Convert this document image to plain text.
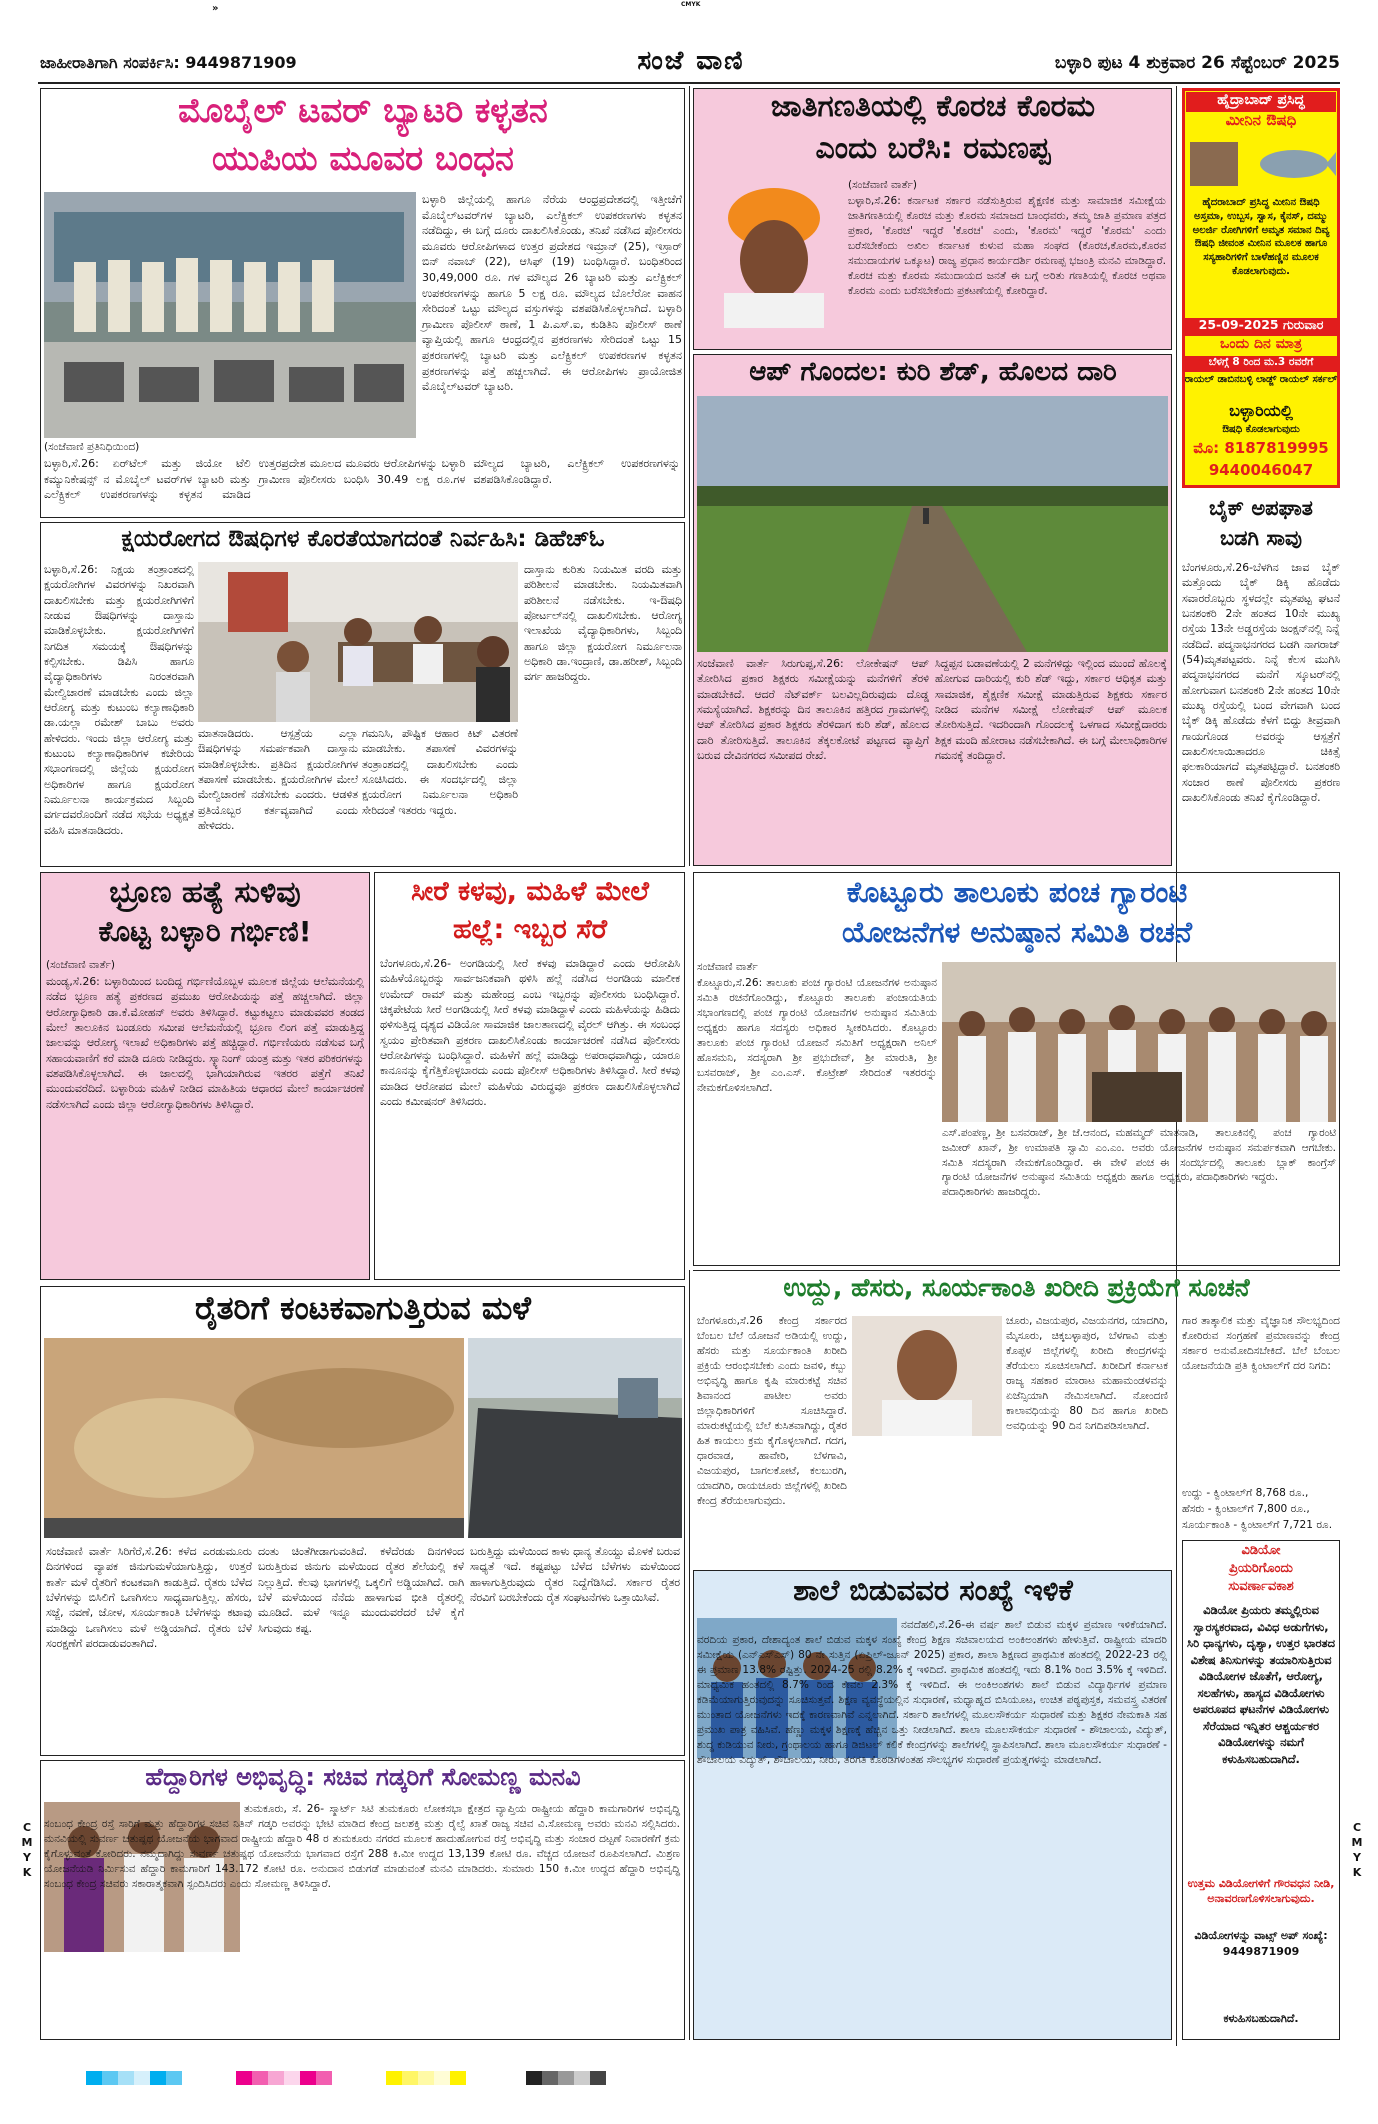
»	CMYK
ಜಾಹೀರಾತಿಗಾಗಿ ಸಂಪರ್ಕಿಸಿ: 9449871909	ಸಂಜೆ ವಾಣಿ	ಬಳ್ಳಾರಿ ಪುಟ 4 ಶುಕ್ರವಾರ 26 ಸೆಪ್ಟೆಂಬರ್ 2025
ಮೊಬೈಲ್ ಟವರ್ ಬ್ಯಾಟರಿ ಕಳ್ಳತನ
ಯುಪಿಯ ಮೂವರ ಬಂಧನ
(ಸಂಜೆವಾಣಿ ಪ್ರತಿನಿಧಿಯಿಂದ)
ಬಳ್ಳಾರಿ,ಸೆ.26: ಏರ್‌ಟೆಲ್ ಮತ್ತು ಜಿಯೋ ಟೆಲಿ ಕಮ್ಯುನಿಕೇಷನ್ಸ್ ನ ಮೊಬೈಲ್ ಟವರ್‌ಗಳ ಬ್ಯಾಟರಿ ಮತ್ತು ಎಲೆಕ್ಟ್ರಿಕಲ್ ಉಪಕರಣಗಳನ್ನು ಕಳ್ಳತನ ಮಾಡಿದ ಉತ್ತರಪ್ರದೇಶ ಮೂಲದ ಮೂವರು ಆರೋಪಿಗಳನ್ನು ಬಳ್ಳಾರಿ ಗ್ರಾಮೀಣ ಪೊಲೀಸರು ಬಂಧಿಸಿ 30.49 ಲಕ್ಷ ರೂ.ಗಳ ಮೌಲ್ಯದ ಬ್ಯಾಟರಿ, ಎಲೆಕ್ಟ್ರಿಕಲ್ ಉಪಕರಣಗಳನ್ನು ವಶಪಡಿಸಿಕೊಂಡಿದ್ದಾರೆ.
ಬಳ್ಳಾರಿ ಜಿಲ್ಲೆಯಲ್ಲಿ ಹಾಗೂ ನೆರೆಯ ಆಂಧ್ರಪ್ರದೇಶದಲ್ಲಿ ಇತ್ತೀಚೆಗೆ ಮೊಬೈಲ್‌ಟವರ್‌ಗಳ ಬ್ಯಾಟರಿ, ಎಲೆಕ್ಟ್ರಿಕಲ್ ಉಪಕರಣಗಳು ಕಳ್ಳತನ ನಡೆದಿದ್ದು, ಈ ಬಗ್ಗೆ ದೂರು ದಾಖಲಿಸಿಕೊಂಡು, ತನಿಖೆ ನಡೆಸಿದ ಪೊಲೀಸರು ಮೂವರು ಆರೋಪಿಗಳಾದ ಉತ್ತರ ಪ್ರದೇಶದ ಇಮ್ರಾನ್ (25), ಇಸ್ರಾರ್ ಬಿನ್ ನವಾಬ್ (22), ಆಸಿಫ್ (19) ಬಂಧಿಸಿದ್ದಾರೆ. ಬಂಧಿತರಿಂದ 30,49,000 ರೂ. ಗಳ ಮೌಲ್ಯದ 26 ಬ್ಯಾಟರಿ ಮತ್ತು ಎಲೆಕ್ಟ್ರಿಕಲ್ ಉಪಕರಣಗಳನ್ನು ಹಾಗೂ 5 ಲಕ್ಷ ರೂ. ಮೌಲ್ಯದ ಬೊಲೆರೋ ವಾಹನ ಸೇರಿದಂತೆ ಒಟ್ಟು ಮೌಲ್ಯದ ವಸ್ತುಗಳನ್ನು ವಶಪಡಿಸಿಕೊಳ್ಳಲಾಗಿದೆ. ಬಳ್ಳಾರಿ ಗ್ರಾಮೀಣ ಪೊಲೀಸ್ ಠಾಣೆ, 1 ಪಿ.ಎಸ್.ಐ, ಕುಡಿತಿನಿ ಪೊಲೀಸ್ ಠಾಣೆ ವ್ಯಾಪ್ತಿಯಲ್ಲಿ ಹಾಗೂ ಆಂಧ್ರದಲ್ಲಿನ ಪ್ರಕರಣಗಳು ಸೇರಿದಂತೆ ಒಟ್ಟು 15 ಪ್ರಕರಣಗಳಲ್ಲಿ ಬ್ಯಾಟರಿ ಮತ್ತು ಎಲೆಕ್ಟ್ರಿಕಲ್ ಉಪಕರಣಗಳ ಕಳ್ಳತನ ಪ್ರಕರಣಗಳನ್ನು ಪತ್ತೆ ಹಚ್ಚಲಾಗಿದೆ. ಈ ಆರೋಪಿಗಳು ಪ್ರಾಯೋಜಿತ ಮೊಬೈಲ್‌ಟವರ್ ಬ್ಯಾಟರಿ.
ಕ್ಷಯರೋಗದ ಔಷಧಿಗಳ ಕೊರತೆಯಾಗದಂತೆ ನಿರ್ವಹಿಸಿ: ಡಿಹೆಚ್‌ಓ
ಬಳ್ಳಾರಿ,ಸೆ.26: ನಿಕ್ಷಯ ತಂತ್ರಾಂಶದಲ್ಲಿ ಕ್ಷಯರೋಗಿಗಳ ವಿವರಗಳನ್ನು ನಿಖರವಾಗಿ ದಾಖಲಿಸಬೇಕು ಮತ್ತು ಕ್ಷಯರೋಗಿಗಳಿಗೆ ನೀಡುವ ಔಷಧಿಗಳನ್ನು ದಾಸ್ತಾನು ಮಾಡಿಕೊಳ್ಳಬೇಕು. ಕ್ಷಯರೋಗಿಗಳಿಗೆ ನಿಗದಿತ ಸಮಯಕ್ಕೆ ಔಷಧಿಗಳನ್ನು ಕಲ್ಪಿಸಬೇಕು. ಡಿಪಿಸಿ ಹಾಗೂ ವೈದ್ಯಾಧಿಕಾರಿಗಳು ನಿರಂತರವಾಗಿ ಮೇಲ್ವಿಚಾರಣೆ ಮಾಡಬೇಕು ಎಂದು ಜಿಲ್ಲಾ ಆರೋಗ್ಯ ಮತ್ತು ಕುಟುಂಬ ಕಲ್ಯಾಣಾಧಿಕಾರಿ ಡಾ.ಯಲ್ಲಾ ರಮೇಶ್ ಬಾಬು ಅವರು ಹೇಳಿದರು. ಇಂದು ಜಿಲ್ಲಾ ಆರೋಗ್ಯ ಮತ್ತು ಕುಟುಂಬ ಕಲ್ಯಾಣಾಧಿಕಾರಿಗಳ ಕಚೇರಿಯ ಸಭಾಂಗಣದಲ್ಲಿ ಜಿಲ್ಲೆಯ ಕ್ಷಯರೋಗ ಅಧಿಕಾರಿಗಳ ಹಾಗೂ ಕ್ಷಯರೋಗ ನಿರ್ಮೂಲನಾ ಕಾರ್ಯಕ್ರಮದ ಸಿಬ್ಬಂದಿ ವರ್ಗದವರೊಂದಿಗೆ ನಡೆದ ಸಭೆಯ ಅಧ್ಯಕ್ಷತೆ ವಹಿಸಿ ಮಾತನಾಡಿದರು.
ಮಾತನಾಡಿದರು. ಆಸ್ಪತ್ರೆಯ ಎಲ್ಲಾ ಔಷಧಿಗಳನ್ನು ಸಮರ್ಪಕವಾಗಿ ದಾಸ್ತಾನು ಮಾಡಿಕೊಳ್ಳಬೇಕು. ಪ್ರತಿದಿನ ಕ್ಷಯರೋಗಿಗಳ ತಪಾಸಣೆ ಮಾಡಬೇಕು. ಕ್ಷಯರೋಗಿಗಳ ಮೇಲೆ ಮೇಲ್ವಿಚಾರಣೆ ನಡೆಸಬೇಕು ಎಂದರು. ಆಡಳಿತ ಪ್ರತಿಯೊಬ್ಬರ ಕರ್ತವ್ಯವಾಗಿದೆ ಎಂದು ಹೇಳಿದರು.
ಗಮನಿಸಿ, ಪೌಷ್ಟಿಕ ಆಹಾರ ಕಿಟ್ ವಿತರಣೆ ಮಾಡಬೇಕು. ತಪಾಸಣೆ ವಿವರಗಳನ್ನು ತಂತ್ರಾಂಶದಲ್ಲಿ ದಾಖಲಿಸಬೇಕು ಎಂದು ಸೂಚಿಸಿದರು. ಈ ಸಂದರ್ಭದಲ್ಲಿ ಜಿಲ್ಲಾ ಕ್ಷಯರೋಗ ನಿರ್ಮೂಲನಾ ಅಧಿಕಾರಿ ಸೇರಿದಂತೆ ಇತರರು ಇದ್ದರು.
ದಾಸ್ತಾನು ಕುರಿತು ನಿಯಮಿತ ವರದಿ ಮತ್ತು ಪರಿಶೀಲನೆ ಮಾಡಬೇಕು. ನಿಯಮಿತವಾಗಿ ಪರಿಶೀಲನೆ ನಡೆಸಬೇಕು. ಇ-ಔಷಧಿ ಪೋರ್ಟಲ್‌ನಲ್ಲಿ ದಾಖಲಿಸಬೇಕು. ಆರೋಗ್ಯ ಇಲಾಖೆಯ ವೈದ್ಯಾಧಿಕಾರಿಗಳು, ಸಿಬ್ಬಂದಿ ಹಾಗೂ ಜಿಲ್ಲಾ ಕ್ಷಯರೋಗ ನಿರ್ಮೂಲನಾ ಅಧಿಕಾರಿ ಡಾ.ಇಂದ್ರಾಣಿ, ಡಾ.ಹರೀಶ್, ಸಿಬ್ಬಂದಿ ವರ್ಗ ಹಾಜರಿದ್ದರು.
ಜಾತಿಗಣತಿಯಲ್ಲಿ ಕೊರಚ ಕೊರಮ
ಎಂದು ಬರೆಸಿ: ರಮಣಪ್ಪ
(ಸಂಜೆವಾಣಿ ವಾರ್ತೆ)
ಬಳ್ಳಾರಿ,ಸೆ.26: ಕರ್ನಾಟಕ ಸರ್ಕಾರ ನಡೆಸುತ್ತಿರುವ ಶೈಕ್ಷಣಿಕ ಮತ್ತು ಸಾಮಾಜಿಕ ಸಮೀಕ್ಷೆಯ ಜಾತಿಗಣತಿಯಲ್ಲಿ ಕೊರಚ ಮತ್ತು ಕೊರಮ ಸಮಾಜದ ಬಾಂಧವರು, ತಮ್ಮ ಜಾತಿ ಪ್ರಮಾಣ ಪತ್ರದ ಪ್ರಕಾರ, 'ಕೊರಚ' ಇದ್ದರೆ 'ಕೊರಚ' ಎಂದು, 'ಕೊರಮ' ಇದ್ದರೆ 'ಕೊರಮ' ಎಂದು ಬರೆಸಬೇಕೆಂದು ಅಖಿಲ ಕರ್ನಾಟಕ ಕುಳುವ ಮಹಾ ಸಂಘದ (ಕೊರಚ,ಕೊರಮ,ಕೊರವ ಸಮುದಾಯಗಳ ಒಕ್ಕೂಟ) ರಾಜ್ಯ ಪ್ರಧಾನ ಕಾರ್ಯದರ್ಶಿ ರಮಣಪ್ಪ ಭಜಂತ್ರಿ ಮನವಿ ಮಾಡಿದ್ದಾರೆ. ಕೊರಚ ಮತ್ತು ಕೊರಮ ಸಮುದಾಯದ ಜನತೆ ಈ ಬಗ್ಗೆ ಅರಿತು ಗಣತಿಯಲ್ಲಿ ಕೊರಚ ಅಥವಾ ಕೊರಮ ಎಂದು ಬರೆಸಬೇಕೆಂದು ಪ್ರಕಟಣೆಯಲ್ಲಿ ಕೋರಿದ್ದಾರೆ.
ಆಪ್ ಗೊಂದಲ: ಕುರಿ ಶೆಡ್, ಹೊಲದ ದಾರಿ
ಸಂಜೆವಾಣಿ ವಾರ್ತೆ ಸಿರುಗುಪ್ಪ,ಸೆ.26: ಲೋಕೇಷನ್ ಆಪ್ ತೋರಿಸಿದ ಪ್ರಕಾರ ಶಿಕ್ಷಕರು ಸಮೀಕ್ಷೆಯನ್ನು ಮನೆಗಳಿಗೆ ತೆರಳಿ ಮಾಡಬೇಕಿದೆ. ಆದರೆ ನೆಟ್‌ವರ್ಕ್ ಬಲವಿಲ್ಲದಿರುವುದು ದೊಡ್ಡ ಸಮಸ್ಯೆಯಾಗಿದೆ. ಶಿಕ್ಷಕರನ್ನು ದಿನ ತಾಲೂಕಿನ ಹತ್ತಿರದ ಗ್ರಾಮಗಳಲ್ಲಿ ಆಪ್ ತೋರಿಸಿದ ಪ್ರಕಾರ ಶಿಕ್ಷಕರು ತೆರಳಿದಾಗ ಕುರಿ ಶೆಡ್, ಹೊಲದ ದಾರಿ ತೋರಿಸುತ್ತಿದೆ. ತಾಲೂಕಿನ ತೆಕ್ಕಲಕೋಟೆ ಪಟ್ಟಣದ ವ್ಯಾಪ್ತಿಗೆ ಬರುವ ದೇವಿನಗರದ ಸಮೀಪದ ರೇಖೆ.
ಸಿದ್ದಪ್ಪನ ಬಡಾವಣೆಯಲ್ಲಿ 2 ಮನೆಗಳಿದ್ದು ಇಲ್ಲಿಂದ ಮುಂದೆ ಹೊಲಕ್ಕೆ ಹೋಗುವ ದಾರಿಯಲ್ಲಿ ಕುರಿ ಶೆಡ್ ಇದ್ದು, ಸರ್ಕಾರ ಆಧಿಕೃತ ಮತ್ತು ಸಾಮಾಜಿಕ, ಶೈಕ್ಷಣಿಕ ಸಮೀಕ್ಷೆ ಮಾಡುತ್ತಿರುವ ಶಿಕ್ಷಕರು ಸರ್ಕಾರ ನೀಡಿದ ಮನೆಗಳ ಸಮೀಕ್ಷೆ ಲೋಕೇಷನ್ ಆಪ್ ಮೂಲಕ ತೋರಿಸುತ್ತಿದೆ. ಇದರಿಂದಾಗಿ ಗೊಂದಲಕ್ಕೆ ಒಳಗಾದ ಸಮೀಕ್ಷೆದಾರರು ಶಿಕ್ಷಕ ಮಂದಿ ಹೋರಾಟ ನಡೆಸಬೇಕಾಗಿದೆ. ಈ ಬಗ್ಗೆ ಮೇಲಾಧಿಕಾರಿಗಳ ಗಮನಕ್ಕೆ ತಂದಿದ್ದಾರೆ.
ಹೈದ್ರಾಬಾದ್ ಪ್ರಸಿದ್ಧ
ಮೀನಿನ ಔಷಧಿ
ಹೈದರಾಬಾದ್ ಪ್ರಸಿದ್ಧ ಮೀನಿನ ಔಷಧಿ ಅಸ್ತಮಾ, ಉಬ್ಬಸ, ಸ್ವಾಸ, ಕೈನಸ್, ದಮ್ಮು ಅಲರ್ಜಿ ರೋಗಿಗಳಿಗೆ ಅಮೃತ ಸಮಾನ ದಿವ್ಯ ಔಷಧಿ ಜೀವಂತ ಮೀನಿನ ಮೂಲಕ ಹಾಗೂ ಸಸ್ಯಹಾರಿಗಳಿಗೆ ಬಾಳೆಹಣ್ಣಿನ ಮೂಲಕ ಕೊಡಲಾಗುವುದು.
25-09-2025 ಗುರುವಾರ
ಒಂದು ದಿನ ಮಾತ್ರ
ಬೆಳಗ್ಗೆ 8 ರಿಂದ ಮ.3 ರವರೆಗೆ
ರಾಯಲ್ ಡಾಬಿನಬಳ್ಳಿ ಲಾಡ್ಜ್ ರಾಯಲ್ ಸರ್ಕಲ್
ಬಳ್ಳಾರಿಯಲ್ಲಿ
ಔಷಧಿ ಕೊಡಲಾಗುವುದು
ಮೊ: 8187819995
9440046047
ಬೈಕ್ ಅಪಘಾತ
ಬಡಗಿ ಸಾವು
ಬೆಂಗಳೂರು,ಸೆ.26-ಬೆಳಗಿನ ಜಾವ ಬೈಕ್ ಮತ್ತೊಂದು ಬೈಕ್ ಡಿಕ್ಕಿ ಹೊಡೆದು ಸವಾರರೊಬ್ಬರು ಸ್ಥಳದಲ್ಲೇ ಮೃತಪಟ್ಟ ಘಟನೆ ಬನಶಂಕರಿ 2ನೇ ಹಂತದ 10ನೇ ಮುಖ್ಯ ರಸ್ತೆಯ 13ನೇ ಅಡ್ಡರಸ್ತೆಯ ಜಂಕ್ಷನ್‌ನಲ್ಲಿ ನಿನ್ನೆ ನಡೆದಿದೆ. ಪದ್ಮನಾಭನಗರದ ಬಡಗಿ ನಾಗರಾಜ್ (54)ಮೃತಪಟ್ಟವರು. ನಿನ್ನೆ ಕೆಲಸ ಮುಗಿಸಿ ಪದ್ಮನಾಭನಗರದ ಮನೆಗೆ ಸ್ಕೂಟರ್‌ನಲ್ಲಿ ಹೋಗುವಾಗ ಬನಶಂಕರಿ 2ನೇ ಹಂತದ 10ನೇ ಮುಖ್ಯ ರಸ್ತೆಯಲ್ಲಿ ಬಂದ ವೇಗವಾಗಿ ಬಂದ ಬೈಕ್ ಡಿಕ್ಕಿ ಹೊಡೆದು ಕೆಳಗೆ ಬಿದ್ದು ತೀವ್ರವಾಗಿ ಗಾಯಗೊಂಡ ಅವರನ್ನು ಆಸ್ಪತ್ರೆಗೆ ದಾಖಲಿಸಲಾಯಿತಾದರೂ ಚಿಕಿತ್ಸೆ ಫಲಕಾರಿಯಾಗದೆ ಮೃತಪಟ್ಟಿದ್ದಾರೆ. ಬನಶಂಕರಿ ಸಂಚಾರ ಠಾಣೆ ಪೊಲೀಸರು ಪ್ರಕರಣ ದಾಖಲಿಸಿಕೊಂಡು ತನಿಖೆ ಕೈಗೊಂಡಿದ್ದಾರೆ.
ಭ್ರೂಣ ಹತ್ಯೆ ಸುಳಿವು
ಕೊಟ್ಟ ಬಳ್ಳಾರಿ ಗರ್ಭಿಣಿ!
(ಸಂಜೆವಾಣಿ ವಾರ್ತೆ)
ಮಂಡ್ಯ,ಸೆ.26: ಬಳ್ಳಾರಿಯಿಂದ ಬಂದಿದ್ದ ಗರ್ಭಿಣಿಯೊಬ್ಬಳ ಮೂಲಕ ಜಿಲ್ಲೆಯ ಆಲೆಮನೆಯಲ್ಲಿ ನಡೆದ ಭ್ರೂಣ ಹತ್ಯೆ ಪ್ರಕರಣದ ಪ್ರಮುಖ ಆರೋಪಿಯನ್ನು ಪತ್ತೆ ಹಚ್ಚಲಾಗಿದೆ. ಜಿಲ್ಲಾ ಆರೋಗ್ಯಾಧಿಕಾರಿ ಡಾ.ಕೆ.ಮೋಹನ್ ಅವರು ತಿಳಿಸಿದ್ದಾರೆ. ಕಟ್ಟುಕಟ್ಟಲು ಮಾಡುವವರ ತಂಡದ ಮೇಲೆ ತಾಲೂಕಿನ ಬಂಡೂರು ಸಮೀಪ ಆಲೆಮನೆಯಲ್ಲಿ ಭ್ರೂಣ ಲಿಂಗ ಪತ್ತೆ ಮಾಡುತ್ತಿದ್ದ ಜಾಲವನ್ನು ಆರೋಗ್ಯ ಇಲಾಖೆ ಅಧಿಕಾರಿಗಳು ಪತ್ತೆ ಹಚ್ಚಿದ್ದಾರೆ. ಗರ್ಭಿಣಿಯರು ನಡೆಸುವ ಬಗ್ಗೆ ಸಹಾಯವಾಣಿಗೆ ಕರೆ ಮಾಡಿ ದೂರು ನೀಡಿದ್ದರು. ಸ್ಕ್ಯಾನಿಂಗ್ ಯಂತ್ರ ಮತ್ತು ಇತರ ಪರಿಕರಗಳನ್ನು ವಶಪಡಿಸಿಕೊಳ್ಳಲಾಗಿದೆ. ಈ ಜಾಲದಲ್ಲಿ ಭಾಗಿಯಾಗಿರುವ ಇತರರ ಪತ್ತೆಗೆ ತನಿಖೆ ಮುಂದುವರೆದಿದೆ. ಬಳ್ಳಾರಿಯ ಮಹಿಳೆ ನೀಡಿದ ಮಾಹಿತಿಯ ಆಧಾರದ ಮೇಲೆ ಕಾರ್ಯಾಚರಣೆ ನಡೆಸಲಾಗಿದೆ ಎಂದು ಜಿಲ್ಲಾ ಆರೋಗ್ಯಾಧಿಕಾರಿಗಳು ತಿಳಿಸಿದ್ದಾರೆ.
ಸೀರೆ ಕಳವು, ಮಹಿಳೆ ಮೇಲೆ
ಹಲ್ಲೆ: ಇಬ್ಬರ ಸೆರೆ
ಬೆಂಗಳೂರು,ಸೆ.26- ಅಂಗಡಿಯಲ್ಲಿ ಸೀರೆ ಕಳವು ಮಾಡಿದ್ದಾರೆ ಎಂದು ಆರೋಪಿಸಿ ಮಹಿಳೆಯೊಬ್ಬರನ್ನು ಸಾರ್ವಜನಿಕವಾಗಿ ಥಳಿಸಿ ಹಲ್ಲೆ ನಡೆಸಿದ ಅಂಗಡಿಯ ಮಾಲೀಕ ಉಮೇದ್ ರಾಮ್ ಮತ್ತು ಮಹೇಂದ್ರ ಎಂಬ ಇಬ್ಬರನ್ನು ಪೊಲೀಸರು ಬಂಧಿಸಿದ್ದಾರೆ. ಚಿಕ್ಕಪೇಟೆಯ ಸೀರೆ ಅಂಗಡಿಯಲ್ಲಿ ಸೀರೆ ಕಳವು ಮಾಡಿದ್ದಾಳೆ ಎಂದು ಮಹಿಳೆಯನ್ನು ಹಿಡಿದು ಥಳಿಸುತ್ತಿದ್ದ ದೃಶ್ಯದ ವಿಡಿಯೋ ಸಾಮಾಜಿಕ ಜಾಲತಾಣದಲ್ಲಿ ವೈರಲ್ ಆಗಿತ್ತು. ಈ ಸಂಬಂಧ ಸ್ವಯಂ ಪ್ರೇರಿತವಾಗಿ ಪ್ರಕರಣ ದಾಖಲಿಸಿಕೊಂಡು ಕಾರ್ಯಾಚರಣೆ ನಡೆಸಿದ ಪೊಲೀಸರು ಆರೋಪಿಗಳನ್ನು ಬಂಧಿಸಿದ್ದಾರೆ. ಮಹಿಳೆಗೆ ಹಲ್ಲೆ ಮಾಡಿದ್ದು ಅಪರಾಧವಾಗಿದ್ದು, ಯಾರೂ ಕಾನೂನನ್ನು ಕೈಗೆತ್ತಿಕೊಳ್ಳಬಾರದು ಎಂದು ಪೊಲೀಸ್ ಅಧಿಕಾರಿಗಳು ತಿಳಿಸಿದ್ದಾರೆ. ಸೀರೆ ಕಳವು ಮಾಡಿದ ಆರೋಪದ ಮೇಲೆ ಮಹಿಳೆಯ ವಿರುದ್ಧವೂ ಪ್ರಕರಣ ದಾಖಲಿಸಿಕೊಳ್ಳಲಾಗಿದೆ ಎಂದು ಕಮೀಷನರ್ ತಿಳಿಸಿದರು.
ಕೊಟ್ಟೂರು ತಾಲೂಕು ಪಂಚ ಗ್ಯಾರಂಟಿ
ಯೋಜನೆಗಳ ಅನುಷ್ಠಾನ ಸಮಿತಿ ರಚನೆ
ಸಂಜೆವಾಣಿ ವಾರ್ತೆ
ಕೊಟ್ಟೂರು,ಸೆ.26: ತಾಲೂಕು ಪಂಚ ಗ್ಯಾರಂಟಿ ಯೋಜನೆಗಳ ಅನುಷ್ಠಾನ ಸಮಿತಿ ರಚನೆಗೊಂಡಿದ್ದು, ಕೊಟ್ಟೂರು ತಾಲೂಕು ಪಂಚಾಯತಿಯ ಸಭಾಂಗಣದಲ್ಲಿ ಪಂಚ ಗ್ಯಾರಂಟಿ ಯೋಜನೆಗಳ ಅನುಷ್ಠಾನ ಸಮಿತಿಯ ಅಧ್ಯಕ್ಷರು ಹಾಗೂ ಸದಸ್ಯರು ಅಧಿಕಾರ ಸ್ವೀಕರಿಸಿದರು. ಕೊಟ್ಟೂರು ತಾಲೂಕು ಪಂಚ ಗ್ಯಾರಂಟಿ ಯೋಜನೆ ಸಮಿತಿಗೆ ಅಧ್ಯಕ್ಷರಾಗಿ ಅನಿಲ್ ಹೊಸಮನಿ, ಸದಸ್ಯರಾಗಿ ಶ್ರೀ ಪ್ರಭುದೇವ್, ಶ್ರೀ ಮಾರುತಿ, ಶ್ರೀ ಬಸವರಾಜ್, ಶ್ರೀ ಎಂ.ಎಸ್. ಕೊಟ್ರೇಶ್ ಸೇರಿದಂತೆ ಇತರರನ್ನು ನೇಮಕಗೊಳಿಸಲಾಗಿದೆ.
ಎಸ್.ಪಂಪಣ್ಣ, ಶ್ರೀ ಬಸವರಾಜ್, ಶ್ರೀ ಜೆ.ಆನಂದ, ಮಹಮ್ಮದ್ ಜಮೀರ್ ಖಾನ್, ಶ್ರೀ ಉಮಾಪತಿ ಸ್ವಾಮಿ ಎಂ.ಎಂ. ಅವರು ಸಮಿತಿ ಸದಸ್ಯರಾಗಿ ನೇಮಕಗೊಂಡಿದ್ದಾರೆ. ಈ ವೇಳೆ ಪಂಚ ಗ್ಯಾರಂಟಿ ಯೋಜನೆಗಳ ಅನುಷ್ಠಾನ ಸಮಿತಿಯ ಅಧ್ಯಕ್ಷರು ಹಾಗೂ ಪದಾಧಿಕಾರಿಗಳು ಹಾಜರಿದ್ದರು.
ಮಾತನಾಡಿ, ತಾಲೂಕಿನಲ್ಲಿ ಪಂಚ ಗ್ಯಾರಂಟಿ ಯೋಜನೆಗಳ ಅನುಷ್ಠಾನ ಸಮರ್ಪಕವಾಗಿ ಆಗಬೇಕು. ಈ ಸಂದರ್ಭದಲ್ಲಿ ತಾಲೂಕು ಬ್ಲಾಕ್ ಕಾಂಗ್ರೆಸ್ ಅಧ್ಯಕ್ಷರು, ಪದಾಧಿಕಾರಿಗಳು ಇದ್ದರು.
ರೈತರಿಗೆ ಕಂಟಕವಾಗುತ್ತಿರುವ ಮಳೆ
ಸಂಜೆವಾಣಿ ವಾರ್ತೆ ಸಿರಿಗೆರೆ,ಸೆ.26: ಕಳೆದ ಎರಡುಮೂರು ದಿನಗಳಿಂದ ವ್ಯಾಪಕ ಜಿನುಗುಮಳೆಯಾಗುತ್ತಿದ್ದು, ಉತ್ತರೆ ಕಾರ್ತೆ ಮಳೆ ರೈತರಿಗೆ ಕಂಟಕವಾಗಿ ಕಾಡುತ್ತಿದೆ. ರೈತರು ಬೆಳೆದ ಬೆಳೆಗಳನ್ನು ಬಿಸಿಲಿಗೆ ಒಣಗಿಸಲು ಸಾಧ್ಯವಾಗುತ್ತಿಲ್ಲ. ಹೆಸರು, ಸಜ್ಜೆ, ನವಣೆ, ಜೋಳ, ಸೂರ್ಯಕಾಂತಿ ಬೆಳೆಗಳನ್ನು ಕಟಾವು ಮಾಡಿದ್ದು ಒಣಗಿಸಲು ಮಳೆ ಅಡ್ಡಿಯಾಗಿದೆ. ರೈತರು ಬೆಳೆ ಸಂರಕ್ಷಣೆಗೆ ಪರದಾಡುವಂತಾಗಿದೆ.
ದಂತು ಚಿಂತೆಗೀಡಾಗುವಂತಿದೆ. ಕಳೆದೆರಡು ದಿನಗಳಿಂದ ಬರುತ್ತಿರುವ ಜಿನುಗು ಮಳೆಯಿಂದ ರೈತರ ಶೆಲೆಯಲ್ಲಿ ಕಳೆ ನಿಲ್ಲುತ್ತಿದೆ. ಕೆಲವು ಭಾಗಗಳಲ್ಲಿ ಒಕ್ಕಲಿಗೆ ಅಡ್ಡಿಯಾಗಿದೆ. ರಾಗಿ ಬೆಳೆ ಮಳೆಯಿಂದ ನೆನೆದು ಹಾಳಾಗುವ ಭೀತಿ ರೈತರಲ್ಲಿ ಮೂಡಿದೆ. ಮಳೆ ಇನ್ನೂ ಮುಂದುವರೆದರೆ ಬೆಳೆ ಕೈಗೆ ಸಿಗುವುದು ಕಷ್ಟ.
ಬರುತ್ತಿದ್ದು ಮಳೆಯಿಂದ ಕಾಳು ಧಾನ್ಯ ತೊಯ್ದು ಮೊಳಕೆ ಬರುವ ಸಾಧ್ಯತೆ ಇದೆ. ಕಷ್ಟಪಟ್ಟು ಬೆಳೆದ ಬೆಳೆಗಳು ಮಳೆಯಿಂದ ಹಾಳಾಗುತ್ತಿರುವುದು ರೈತರ ನಿದ್ದೆಗೆಡಿಸಿದೆ. ಸರ್ಕಾರ ರೈತರ ನೆರವಿಗೆ ಬರಬೇಕೆಂದು ರೈತ ಸಂಘಟನೆಗಳು ಒತ್ತಾಯಿಸಿವೆ.
ಉದ್ದು, ಹೆಸರು, ಸೂರ್ಯಕಾಂತಿ ಖರೀದಿ ಪ್ರಕ್ರಿಯೆಗೆ ಸೂಚನೆ
ಬೆಂಗಳೂರು,ಸೆ.26 ಕೇಂದ್ರ ಸರ್ಕಾರದ ಬೆಂಬಲ ಬೆಲೆ ಯೋಜನೆ ಅಡಿಯಲ್ಲಿ ಉದ್ದು, ಹೆಸರು ಮತ್ತು ಸೂರ್ಯಕಾಂತಿ ಖರೀದಿ ಪ್ರಕ್ರಿಯೆ ಆರಂಭಿಸಬೇಕು ಎಂದು ಜವಳಿ, ಕಬ್ಬು ಅಭಿವೃದ್ಧಿ ಹಾಗೂ ಕೃಷಿ ಮಾರುಕಟ್ಟೆ ಸಚಿವ ಶಿವಾನಂದ ಪಾಟೀಲ ಅವರು ಜಿಲ್ಲಾಧಿಕಾರಿಗಳಿಗೆ ಸೂಚಿಸಿದ್ದಾರೆ. ಮಾರುಕಟ್ಟೆಯಲ್ಲಿ ಬೆಲೆ ಕುಸಿತವಾಗಿದ್ದು, ರೈತರ ಹಿತ ಕಾಯಲು ಕ್ರಮ ಕೈಗೊಳ್ಳಲಾಗಿದೆ. ಗದಗ, ಧಾರವಾಡ, ಹಾವೇರಿ, ಬೆಳಗಾವಿ, ವಿಜಯಪುರ, ಬಾಗಲಕೋಟೆ, ಕಲಬುರಗಿ, ಯಾದಗಿರಿ, ರಾಯಚೂರು ಜಿಲ್ಲೆಗಳಲ್ಲಿ ಖರೀದಿ ಕೇಂದ್ರ ತೆರೆಯಲಾಗುವುದು.
ಚೂರು, ವಿಜಯಪುರ, ವಿಜಯನಗರ, ಯಾದಗಿರಿ, ಮೈಸೂರು, ಚಿಕ್ಕಬಳ್ಳಾಪುರ, ಬೆಳಗಾವಿ ಮತ್ತು ಕೊಪ್ಪಳ ಜಿಲ್ಲೆಗಳಲ್ಲಿ ಖರೀದಿ ಕೇಂದ್ರಗಳನ್ನು ತೆರೆಯಲು ಸೂಚಿಸಲಾಗಿದೆ. ಖರೀದಿಗೆ ಕರ್ನಾಟಕ ರಾಜ್ಯ ಸಹಕಾರ ಮಾರಾಟ ಮಹಾಮಂಡಳವನ್ನು ಏಜೆನ್ಸಿಯಾಗಿ ನೇಮಿಸಲಾಗಿದೆ. ನೋಂದಣಿ ಕಾಲಾವಧಿಯನ್ನು 80 ದಿನ ಹಾಗೂ ಖರೀದಿ ಅವಧಿಯನ್ನು 90 ದಿನ ನಿಗದಿಪಡಿಸಲಾಗಿದೆ.
ಗಾರ ತಾತ್ಕಾಲಿಕ ಮತ್ತು ವೈಜ್ಞಾನಿಕ ಸೌಲಭ್ಯದಿಂದ ಕೋರಿರುವ ಸಂಗ್ರಹಣೆ ಪ್ರಮಾಣವನ್ನು ಕೇಂದ್ರ ಸರ್ಕಾರ ಅನುಮೋದಿಸಬೇಕಿದೆ. ಬೆಲೆ ಬೆಂಬಲ ಯೋಜನೆಯಡಿ ಪ್ರತಿ ಕ್ವಿಂಟಾಲ್‌ಗೆ ದರ ನಿಗದಿ:
ಉದ್ದು - ಕ್ವಿಂಟಾಲ್‌ಗೆ 8,768 ರೂ.,
ಹೆಸರು - ಕ್ವಿಂಟಾಲ್‌ಗೆ 7,800 ರೂ.,
ಸೂರ್ಯಕಾಂತಿ - ಕ್ವಿಂಟಾಲ್‌ಗೆ 7,721 ರೂ.
ಶಾಲೆ ಬಿಡುವವರ ಸಂಖ್ಯೆ ಇಳಿಕೆ
ನವದೆಹಲಿ,ಸೆ.26-ಈ ವರ್ಷ ಶಾಲೆ ಬಿಡುವ ಮಕ್ಕಳ ಪ್ರಮಾಣ ಇಳಿಕೆಯಾಗಿದೆ. ವರದಿಯ ಪ್ರಕಾರ, ದೇಶಾದ್ಯಂತ ಶಾಲೆ ಬಿಡುವ ಮಕ್ಕಳ ಸಂಖ್ಯೆ ಕೇಂದ್ರ ಶಿಕ್ಷಣ ಸಚಿವಾಲಯದ ಅಂಕಿಅಂಶಗಳು ಹೇಳುತ್ತಿವೆ. ರಾಷ್ಟ್ರೀಯ ಮಾದರಿ ಸಮೀಕ್ಷೆಯ (ಎನ್‌ಎಸ್‌ಎಸ್) 80 ನೇ ಸುತ್ತಿನ (ಏಪ್ರಿಲ್-ಜೂನ್ 2025) ಪ್ರಕಾರ, ಶಾಲಾ ಶಿಕ್ಷಣದ ಪ್ರಾಥಮಿಕ ಹಂತದಲ್ಲಿ 2022-23 ರಲ್ಲಿ ಈ ಪ್ರಮಾಣ 13.8% ರಷ್ಟಿತ್ತು. 2024-25 ರಲ್ಲಿ 8.2% ಕ್ಕೆ ಇಳಿದಿದೆ. ಪ್ರಾಥಮಿಕ ಹಂತದಲ್ಲಿ ಇದು 8.1% ರಿಂದ 3.5% ಕ್ಕೆ ಇಳಿದಿದೆ. ಮಾಧ್ಯಮಿಕ ಹಂತದಲ್ಲಿ 8.7% ರಿಂದ ಕೇವಲ 2.3% ಕ್ಕೆ ಇಳಿದಿದೆ. ಈ ಅಂಕಿಅಂಶಗಳು ಶಾಲೆ ಬಿಡುವ ವಿದ್ಯಾರ್ಥಿಗಳ ಪ್ರಮಾಣ ಕಡಿಮೆಯಾಗುತ್ತಿರುವುದನ್ನು ಸೂಚಿಸುತ್ತವೆ. ಶಿಕ್ಷಣ ವ್ಯವಸ್ಥೆಯಲ್ಲಿನ ಸುಧಾರಣೆ, ಮಧ್ಯಾಹ್ನದ ಬಿಸಿಯೂಟ, ಉಚಿತ ಪಠ್ಯಪುಸ್ತಕ, ಸಮವಸ್ತ್ರ ವಿತರಣೆ ಮುಂತಾದ ಯೋಜನೆಗಳು ಇದಕ್ಕೆ ಕಾರಣವಾಗಿವೆ ಎನ್ನಲಾಗಿದೆ. ಸರ್ಕಾರಿ ಶಾಲೆಗಳಲ್ಲಿ ಮೂಲಸೌಕರ್ಯ ಸುಧಾರಣೆ ಮತ್ತು ಶಿಕ್ಷಕರ ನೇಮಕಾತಿ ಸಹ ಪ್ರಮುಖ ಪಾತ್ರ ವಹಿಸಿವೆ. ಹೆಣ್ಣು ಮಕ್ಕಳ ಶಿಕ್ಷಣಕ್ಕೆ ಹೆಚ್ಚಿನ ಒತ್ತು ನೀಡಲಾಗಿದೆ. ಶಾಲಾ ಮೂಲಸೌಕರ್ಯ ಸುಧಾರಣೆ - ಶೌಚಾಲಯ, ವಿದ್ಯುತ್, ಶುದ್ಧ ಕುಡಿಯುವ ನೀರು, ಗ್ರಂಥಾಲಯ ಹಾಗೂ ಡಿಜಿಟಲ್ ಕಲಿಕೆ ಕೇಂದ್ರಗಳನ್ನು ಶಾಲೆಗಳಲ್ಲಿ ಸ್ಥಾಪಿಸಲಾಗಿದೆ. ಶಾಲಾ ಮೂಲಸೌಕರ್ಯ ಸುಧಾರಣೆ - ಶೌಚಾಲಯ ವಿದ್ಯುತ್, ಶೌಚಾಲಯ, ನೀರು, ತರಗತಿ ಕೊಠಡಿಗಳಂತಹ ಸೌಲಭ್ಯಗಳ ಸುಧಾರಣೆ ಪ್ರಯತ್ನಗಳನ್ನು ಮಾಡಲಾಗಿದೆ.
ಹೆದ್ದಾರಿಗಳ ಅಭಿವೃದ್ಧಿ: ಸಚಿವ ಗಡ್ಕರಿಗೆ ಸೋಮಣ್ಣ ಮನವಿ
ತುಮಕೂರು, ಸೆ. 26- ಸ್ಮಾರ್ಟ್ ಸಿಟಿ ತುಮಕೂರು ಲೋಕಸಭಾ ಕ್ಷೇತ್ರದ ವ್ಯಾಪ್ತಿಯ ರಾಷ್ಟ್ರೀಯ ಹೆದ್ದಾರಿ ಕಾಮಗಾರಿಗಳ ಅಭಿವೃದ್ಧಿ ಸಂಬಂಧ ಕೇಂದ್ರ ರಸ್ತೆ ಸಾರಿಗೆ ಮತ್ತು ಹೆದ್ದಾರಿಗಳ ಸಚಿವ ನಿತಿನ್ ಗಡ್ಕರಿ ಅವರನ್ನು ಭೇಟಿ ಮಾಡಿದ ಕೇಂದ್ರ ಜಲಶಕ್ತಿ ಮತ್ತು ರೈಲ್ವೆ ಖಾತೆ ರಾಜ್ಯ ಸಚಿವ ವಿ.ಸೋಮಣ್ಣ ಅವರು ಮನವಿ ಸಲ್ಲಿಸಿದರು. ಮನವಿಯಲ್ಲಿ ಸುವರ್ಣ ಚತುಷ್ಪಥ ಯೋಜನೆಯ ಭಾಗವಾದ ರಾಷ್ಟ್ರೀಯ ಹೆದ್ದಾರಿ 48 ರ ತುಮಕೂರು ನಗರದ ಮೂಲಕ ಹಾದುಹೋಗುವ ರಸ್ತೆ ಅಭಿವೃದ್ಧಿ ಮತ್ತು ಸಂಚಾರ ದಟ್ಟಣೆ ನಿವಾರಣೆಗೆ ಕ್ರಮ ಕೈಗೊಳ್ಳುವಂತೆ ಕೋರಿದರು. ನಮ್ಮದಾಗಿದ್ದು ಸುವರ್ಣ ಚತುಷ್ಪಥ ಯೋಜನೆಯ ಭಾಗವಾದ ರಸ್ತೆಗೆ 288 ಕಿ.ಮೀ ಉದ್ದದ 13,139 ಕೋಟಿ ರೂ. ವೆಚ್ಚದ ಯೋಜನೆ ರೂಪಿಸಲಾಗಿದೆ. ಮಿಶ್ರಣ ಯೋಜನೆಯಡಿ ನಿರ್ಮಿಸುವ ಹೆದ್ದಾರಿ ಕಾಮಗಾರಿಗೆ 143.172 ಕೋಟಿ ರೂ. ಅನುದಾನ ಬಿಡುಗಡೆ ಮಾಡುವಂತೆ ಮನವಿ ಮಾಡಿದರು. ಸುಮಾರು 150 ಕಿ.ಮೀ ಉದ್ದದ ಹೆದ್ದಾರಿ ಅಭಿವೃದ್ಧಿ ಸಂಬಂಧ ಕೇಂದ್ರ ಸಚಿವರು ಸಕಾರಾತ್ಮಕವಾಗಿ ಸ್ಪಂದಿಸಿದರು ಎಂದು ಸೋಮಣ್ಣ ತಿಳಿಸಿದ್ದಾರೆ.
ವಿಡಿಯೋ
ಪ್ರಿಯರಿಗೊಂದು
ಸುವರ್ಣಾವಕಾಶ
ವಿಡಿಯೋ ಪ್ರಿಯರು ತಮ್ಮಲ್ಲಿರುವ ಸ್ವಾರಸ್ಯಕರವಾದ, ವಿವಿಧ ಅಡುಗೆಗಳು, ಸಿರಿ ಧಾನ್ಯಗಳು, ದೃಶ್ಯಾ, ಉತ್ತರ ಭಾರತದ ವಿಶೇಷ ತಿನಿಸುಗಳನ್ನು ತಯಾರಿಸುತ್ತಿರುವ ವಿಡಿಯೋಗಳ ಜೊತೆಗೆ, ಆರೋಗ್ಯ, ಸಲಹೆಗಳು, ಹಾಸ್ಯದ ವಿಡಿಯೋಗಳು ಅಪರೂಪದ ಘಟನೆಗಳ ವಿಡಿಯೋಗಳು ಸೆರೆಯಾದ ಇನ್ನಿತರ ಆಶ್ಚರ್ಯಕರ ವಿಡಿಯೋಗಳನ್ನು ನಮಗೆ ಕಳುಹಿಸಬಹುದಾಗಿದೆ.
ಉತ್ತಮ ವಿಡಿಯೋಗಳಿಗೆ ಗೌರವಧನ ನೀಡಿ, ಅನಾವರಣಗೊಳಿಸಲಾಗುವುದು.
ವಿಡಿಯೋಗಳನ್ನು ವಾಟ್ಸ್ ಅಪ್ ಸಂಖ್ಯೆ: 9449871909
ಕಳುಹಿಸಬಹುದಾಗಿದೆ.
CMYK
CMYK
